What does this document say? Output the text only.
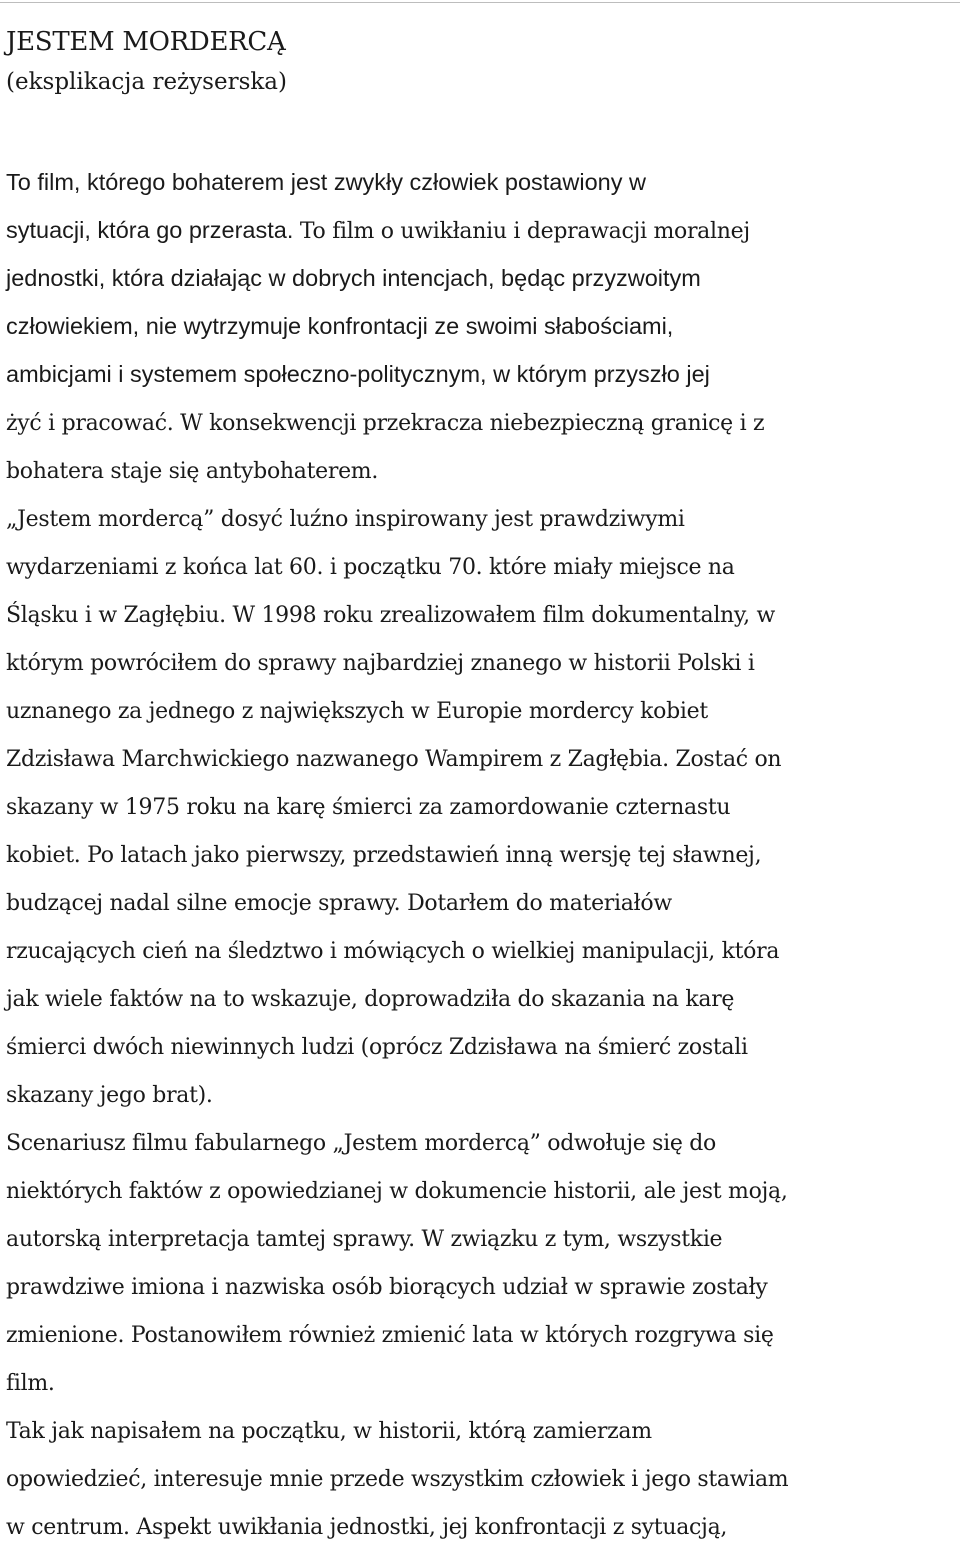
JESTEM MORDERCĄ
(eksplikacja reżyserska)
To film, którego bohaterem jest zwykły człowiek postawiony w
sytuacji, która go przerasta. To film o uwikłaniu i deprawacji moralnej
jednostki, która działając w dobrych intencjach, będąc przyzwoitym
człowiekiem, nie wytrzymuje konfrontacji ze swoimi słabościami,
ambicjami i systemem społeczno-politycznym, w którym przyszło jej
żyć i pracować. W konsekwencji przekracza niebezpieczną granicę i z
bohatera staje się antybohaterem.
„Jestem mordercą” dosyć luźno inspirowany jest prawdziwymi
wydarzeniami z końca lat 60. i początku 70. które miały miejsce na
Śląsku i w Zagłębiu. W 1998 roku zrealizowałem film dokumentalny, w
którym powróciłem do sprawy najbardziej znanego w historii Polski i
uznanego za jednego z największych w Europie mordercy kobiet
Zdzisława Marchwickiego nazwanego Wampirem z Zagłębia. Zostać on
skazany w 1975 roku na karę śmierci za zamordowanie czternastu
kobiet. Po latach jako pierwszy, przedstawień inną wersję tej sławnej,
budzącej nadal silne emocje sprawy. Dotarłem do materiałów
rzucających cień na śledztwo i mówiących o wielkiej manipulacji, która
jak wiele faktów na to wskazuje, doprowadziła do skazania na karę
śmierci dwóch niewinnych ludzi (oprócz Zdzisława na śmierć zostali
skazany jego brat).
Scenariusz filmu fabularnego „Jestem mordercą” odwołuje się do
niektórych faktów z opowiedzianej w dokumencie historii, ale jest moją,
autorską interpretacja tamtej sprawy. W związku z tym, wszystkie
prawdziwe imiona i nazwiska osób biorących udział w sprawie zostały
zmienione. Postanowiłem również zmienić lata w których rozgrywa się
film.
Tak jak napisałem na początku, w historii, którą zamierzam
opowiedzieć, interesuje mnie przede wszystkim człowiek i jego stawiam
w centrum. Aspekt uwikłania jednostki, jej konfrontacji z sytuacją,
